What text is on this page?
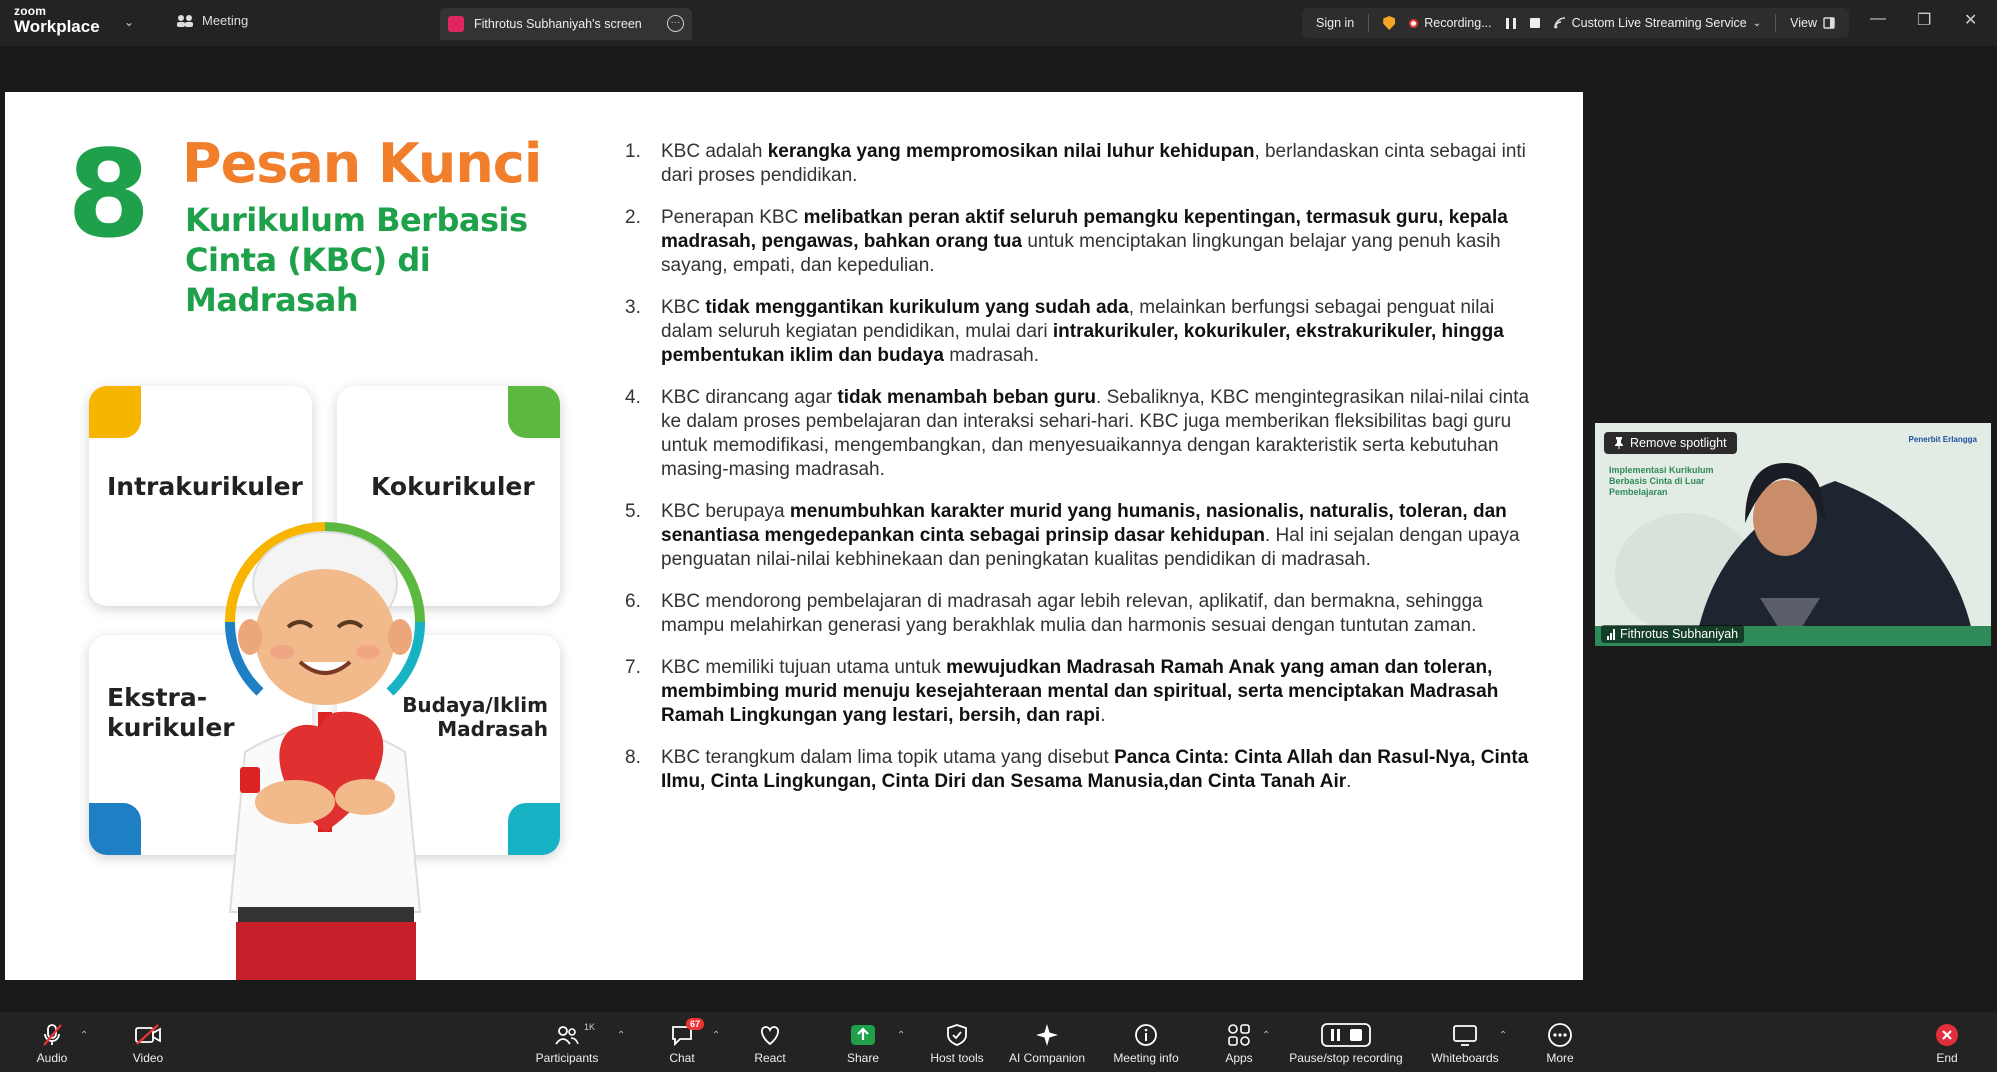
zoom
Workplace ⌄	Meeting	Fithrotus Subhaniyah's screen	···	Sign in	Recording...	Custom Live Streaming Service ⌄ View	— ❐ ✕
8 Pesan Kunci
Kurikulum Berbasis
Cinta (KBC) di
Madrasah
Intrakurikuler	Kokurikuler
Ekstra-
kurikuler
Budaya/Iklim
Madrasah
1.	KBC adalah kerangka yang mempromosikan nilai luhur kehidupan, berlandaskan cinta sebagai inti dari proses pendidikan.
2.	Penerapan KBC melibatkan peran aktif seluruh pemangku kepentingan, termasuk guru, kepala madrasah, pengawas, bahkan orang tua untuk menciptakan lingkungan belajar yang penuh kasih sayang, empati, dan kepedulian.
3.	KBC tidak menggantikan kurikulum yang sudah ada, melainkan berfungsi sebagai penguat nilai dalam seluruh kegiatan pendidikan, mulai dari intrakurikuler, kokurikuler, ekstrakurikuler, hingga pembentukan iklim dan budaya madrasah.
4.	KBC dirancang agar tidak menambah beban guru. Sebaliknya, KBC mengintegrasikan nilai-nilai cinta ke dalam proses pembelajaran dan interaksi sehari-hari. KBC juga memberikan fleksibilitas bagi guru untuk memodifikasi, mengembangkan, dan menyesuaikannya dengan karakteristik serta kebutuhan masing-masing madrasah.
5.	KBC berupaya menumbuhkan karakter murid yang humanis, nasionalis, naturalis, toleran, dan senantiasa mengedepankan cinta sebagai prinsip dasar kehidupan. Hal ini sejalan dengan upaya penguatan nilai-nilai kebhinekaan dan peningkatan kualitas pendidikan di madrasah.
6.	KBC mendorong pembelajaran di madrasah agar lebih relevan, aplikatif, dan bermakna, sehingga mampu melahirkan generasi yang berakhlak mulia dan harmonis sesuai dengan tuntutan zaman.
7.	KBC memiliki tujuan utama untuk mewujudkan Madrasah Ramah Anak yang aman dan toleran, membimbing murid menuju kesejahteraan mental dan spiritual, serta menciptakan Madrasah Ramah Lingkungan yang lestari, bersih, dan rapi.
8.	KBC terangkum dalam lima topik utama yang disebut Panca Cinta: Cinta Allah dan Rasul-Nya, Cinta Ilmu, Cinta Lingkungan, Cinta Diri dan Sesama Manusia,dan Cinta Tanah Air.
Remove spotlight
Implementasi Kurikulum Berbasis Cinta di Luar Pembelajaran
Penerbit Erlangga
Fithrotus Subhaniyah
Audio
⌃
Video
1K
Participants
⌃
67
Chat
⌃
React	Share
⌃
Host tools	AI Companion	Meeting info	Apps
⌃
Pause/stop recording Whiteboards
⌃
More	End
